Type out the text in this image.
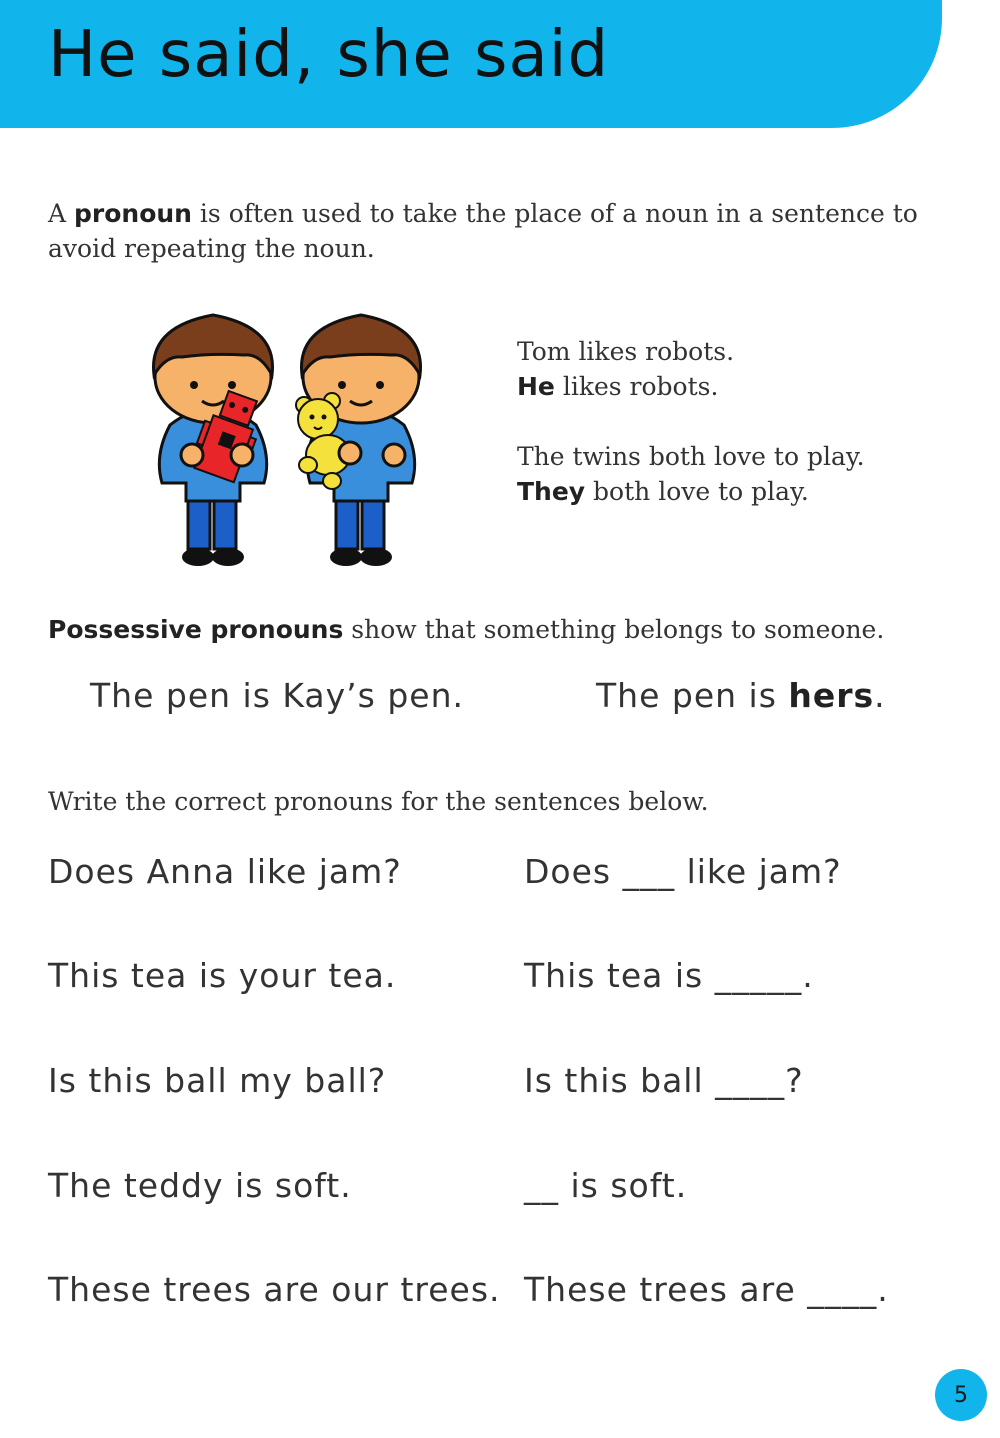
He said, she said

A pronoun is often used to take the place of a noun in a sentence to avoid repeating the noun.

Tom likes robots.

He likes robots.

The twins both love to play.

They both love to play.

Possessive pronouns show that something belongs to someone.

The pen is Kay’s pen.	The pen is hers.

Write the correct pronouns for the sentences below.

Does Anna like jam?	Does ___ like jam?

This tea is your tea.	This tea is _____.

Is this ball my ball?	Is this ball ____?

The teddy is soft.	__ is soft.

These trees are our trees. These trees are ____.

5
